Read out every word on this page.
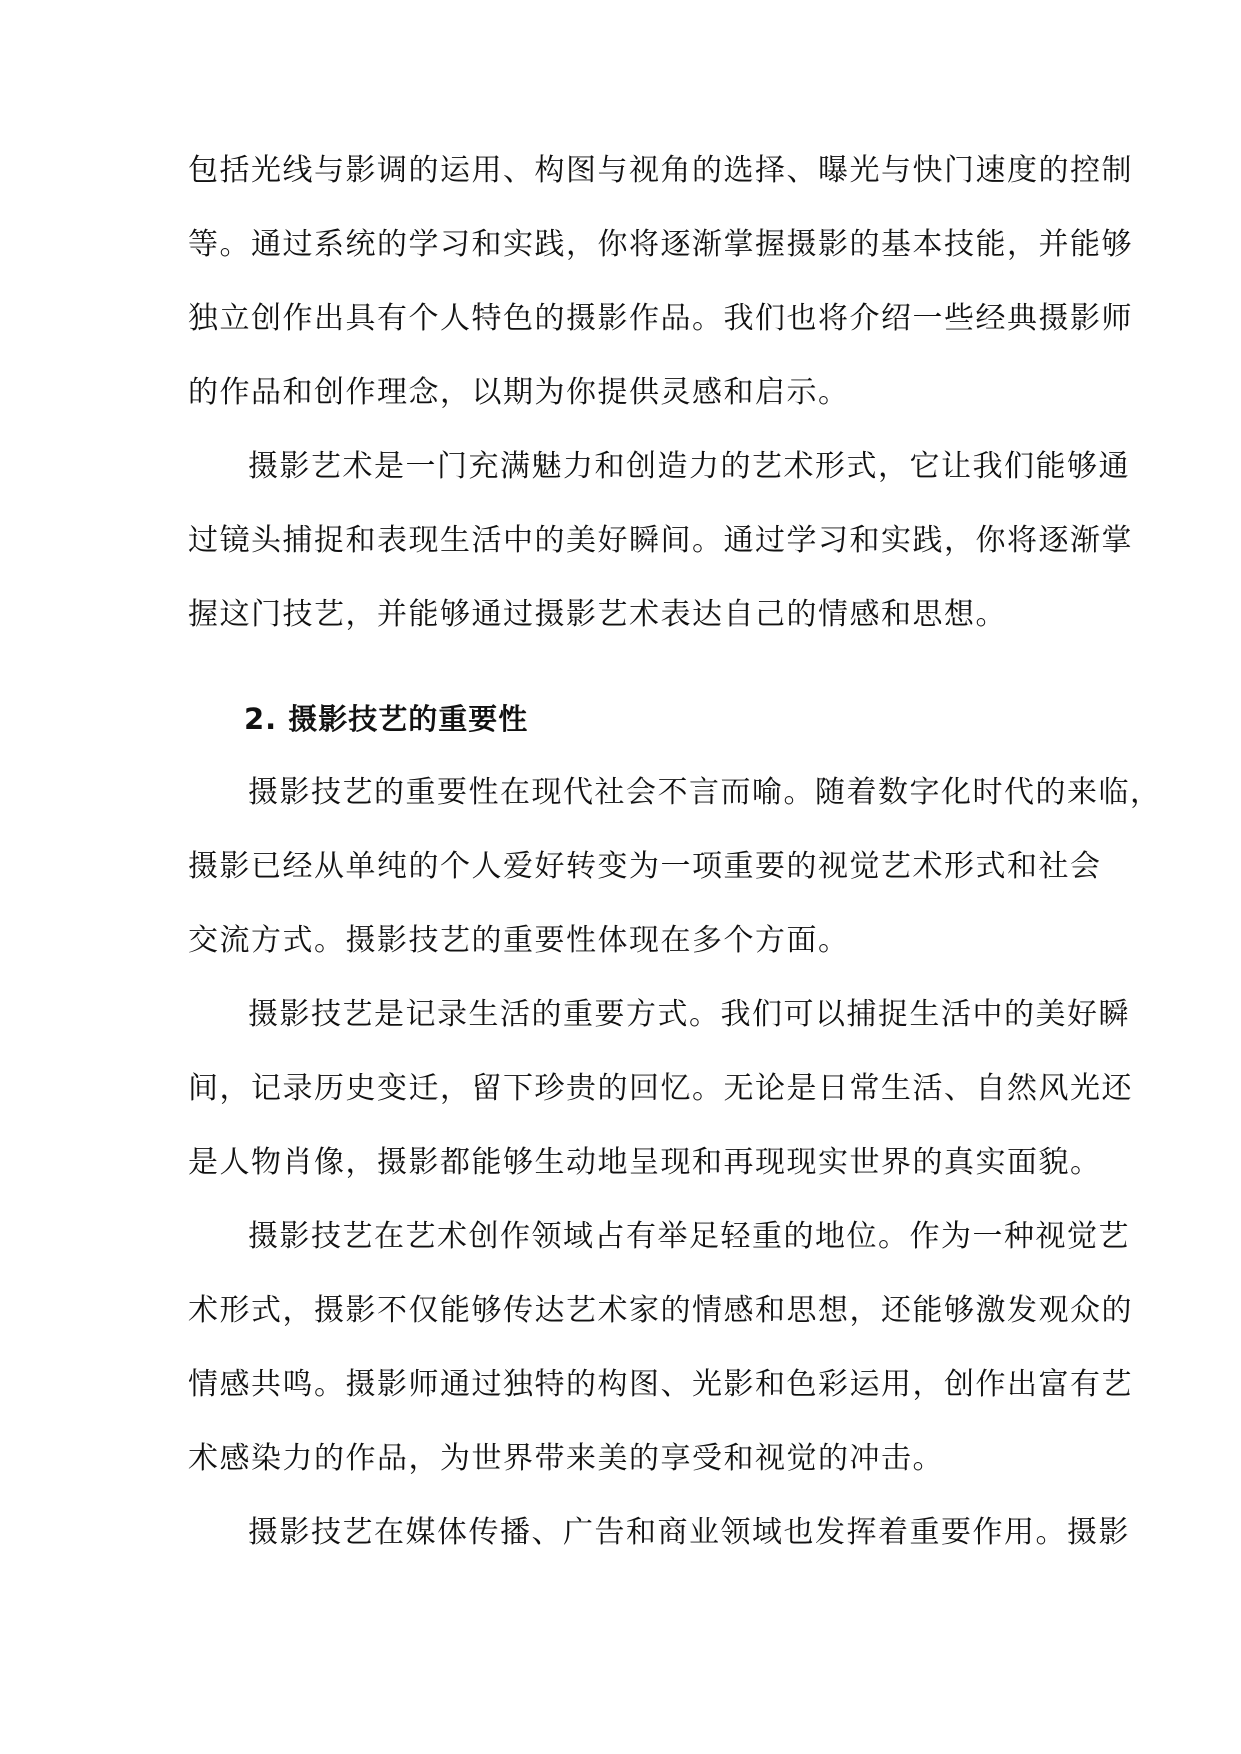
包括光线与影调的运用、构图与视角的选择、曝光与快门速度的控制
等。通过系统的学习和实践，你将逐渐掌握摄影的基本技能，并能够
独立创作出具有个人特色的摄影作品。我们也将介绍一些经典摄影师
的作品和创作理念，以期为你提供灵感和启示。
摄影艺术是一门充满魅力和创造力的艺术形式，它让我们能够通
过镜头捕捉和表现生活中的美好瞬间。通过学习和实践，你将逐渐掌
握这门技艺，并能够通过摄影艺术表达自己的情感和思想。
2. 摄影技艺的重要性
摄影技艺的重要性在现代社会不言而喻。随着数字化时代的来临，
摄影已经从单纯的个人爱好转变为一项重要的视觉艺术形式和社会
交流方式。摄影技艺的重要性体现在多个方面。
摄影技艺是记录生活的重要方式。我们可以捕捉生活中的美好瞬
间，记录历史变迁，留下珍贵的回忆。无论是日常生活、自然风光还
是人物肖像，摄影都能够生动地呈现和再现现实世界的真实面貌。
摄影技艺在艺术创作领域占有举足轻重的地位。作为一种视觉艺
术形式，摄影不仅能够传达艺术家的情感和思想，还能够激发观众的
情感共鸣。摄影师通过独特的构图、光影和色彩运用，创作出富有艺
术感染力的作品，为世界带来美的享受和视觉的冲击。
摄影技艺在媒体传播、广告和商业领域也发挥着重要作用。摄影
